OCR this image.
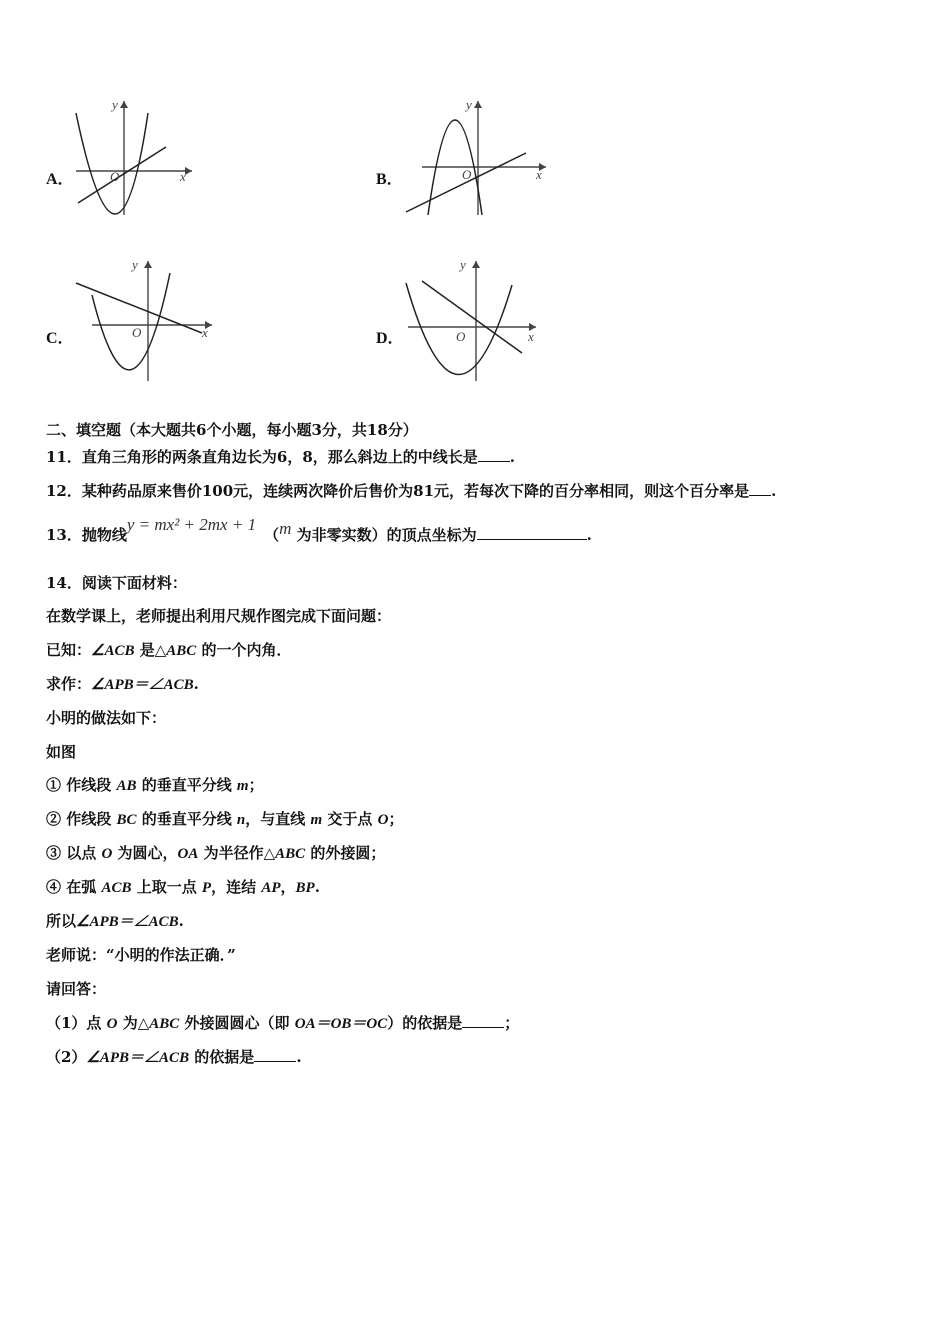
A．	x
y
O	B．	x
y
O
C．	x
y
O	D．	x
y
O
二、填空题（本大题共6个小题，每小题3分，共18分）
11．直角三角形的两条直角边长为6，8，那么斜边上的中线长是 .
12．某种药品原来售价100元，连续两次降价后售价为81元，若每次下降的百分率相同，则这个百分率是 .
13．抛物线y = mx² + 2mx + 1（m 为非零实数）的顶点坐标为	.
14．阅读下面材料：
在数学课上，老师提出利用尺规作图完成下面问题：
已知：∠ACB 是△ABC 的一个内角．
求作：∠APB＝∠ACB.
小明的做法如下：
如图
① 作线段 AB 的垂直平分线 m；
② 作线段 BC 的垂直平分线 n，与直线 m 交于点 O；
③ 以点 O 为圆心，OA 为半径作△ABC 的外接圆；
④ 在弧 ACB 上取一点 P，连结 AP，BP.
所以∠APB＝∠ACB.
老师说：“小明的作法正确．”
请回答：
（1）点 O 为△ABC 外接圆圆心（即 OA＝OB＝OC）的依据是	；
（2）∠APB＝∠ACB 的依据是	.
